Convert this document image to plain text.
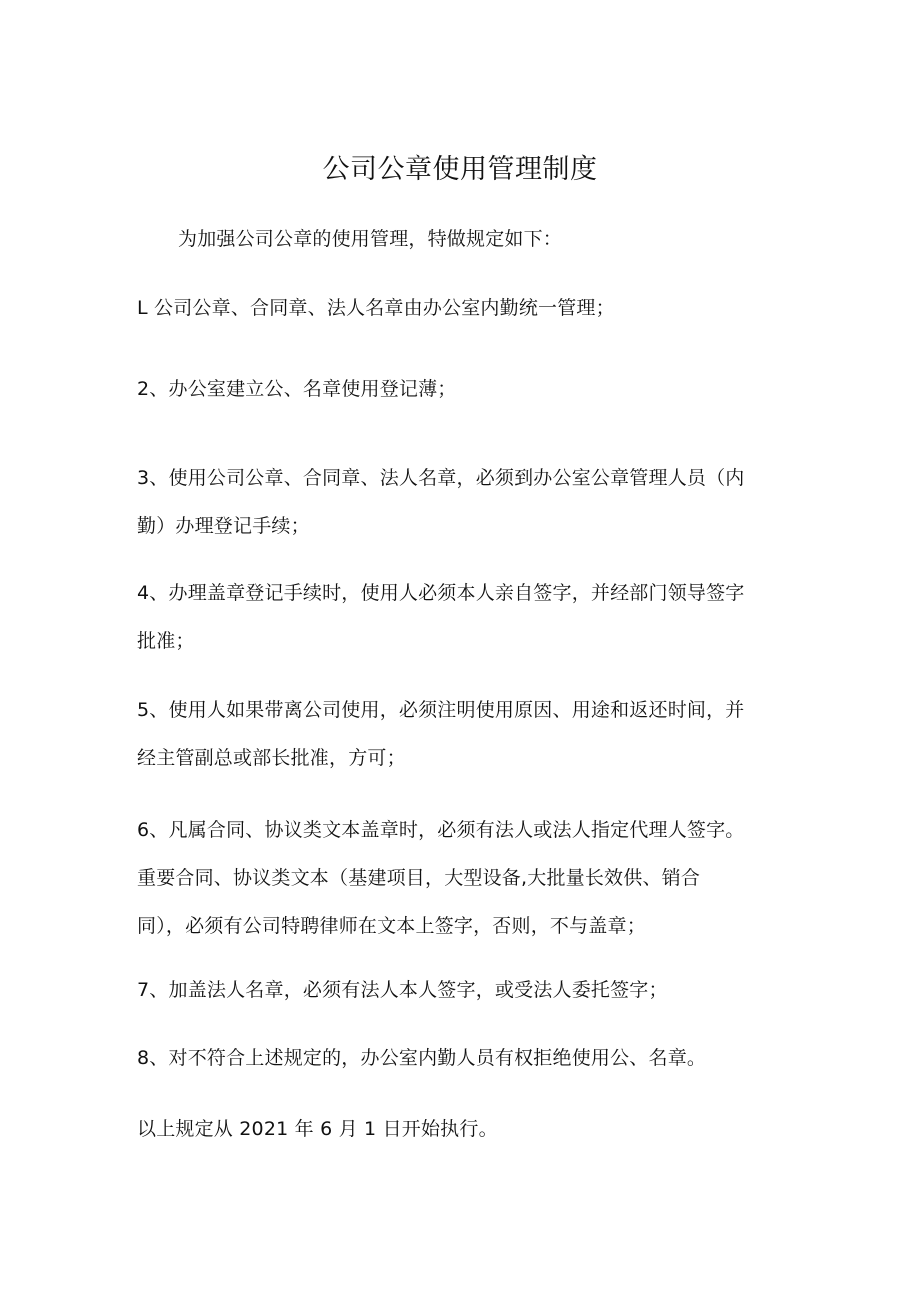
公司公章使用管理制度
为加强公司公章的使用管理，特做规定如下：
L 公司公章、合同章、法人名章由办公室内勤统一管理；
2、办公室建立公、名章使用登记薄；
3、使用公司公章、合同章、法人名章，必须到办公室公章管理人员（内
勤）办理登记手续；
4、办理盖章登记手续时，使用人必须本人亲自签字，并经部门领导签字
批准；
5、使用人如果带离公司使用，必须注明使用原因、用途和返还时间，并
经主管副总或部长批准，方可；
6、凡属合同、协议类文本盖章时，必须有法人或法人指定代理人签字。
重要合同、协议类文本（基建项目，大型设备,大批量长效供、销合
同），必须有公司特聘律师在文本上签字，否则，不与盖章；
7、加盖法人名章，必须有法人本人签字，或受法人委托签字；
8、对不符合上述规定的，办公室内勤人员有权拒绝使用公、名章。
以上规定从 2021 年 6 月 1 日开始执行。
